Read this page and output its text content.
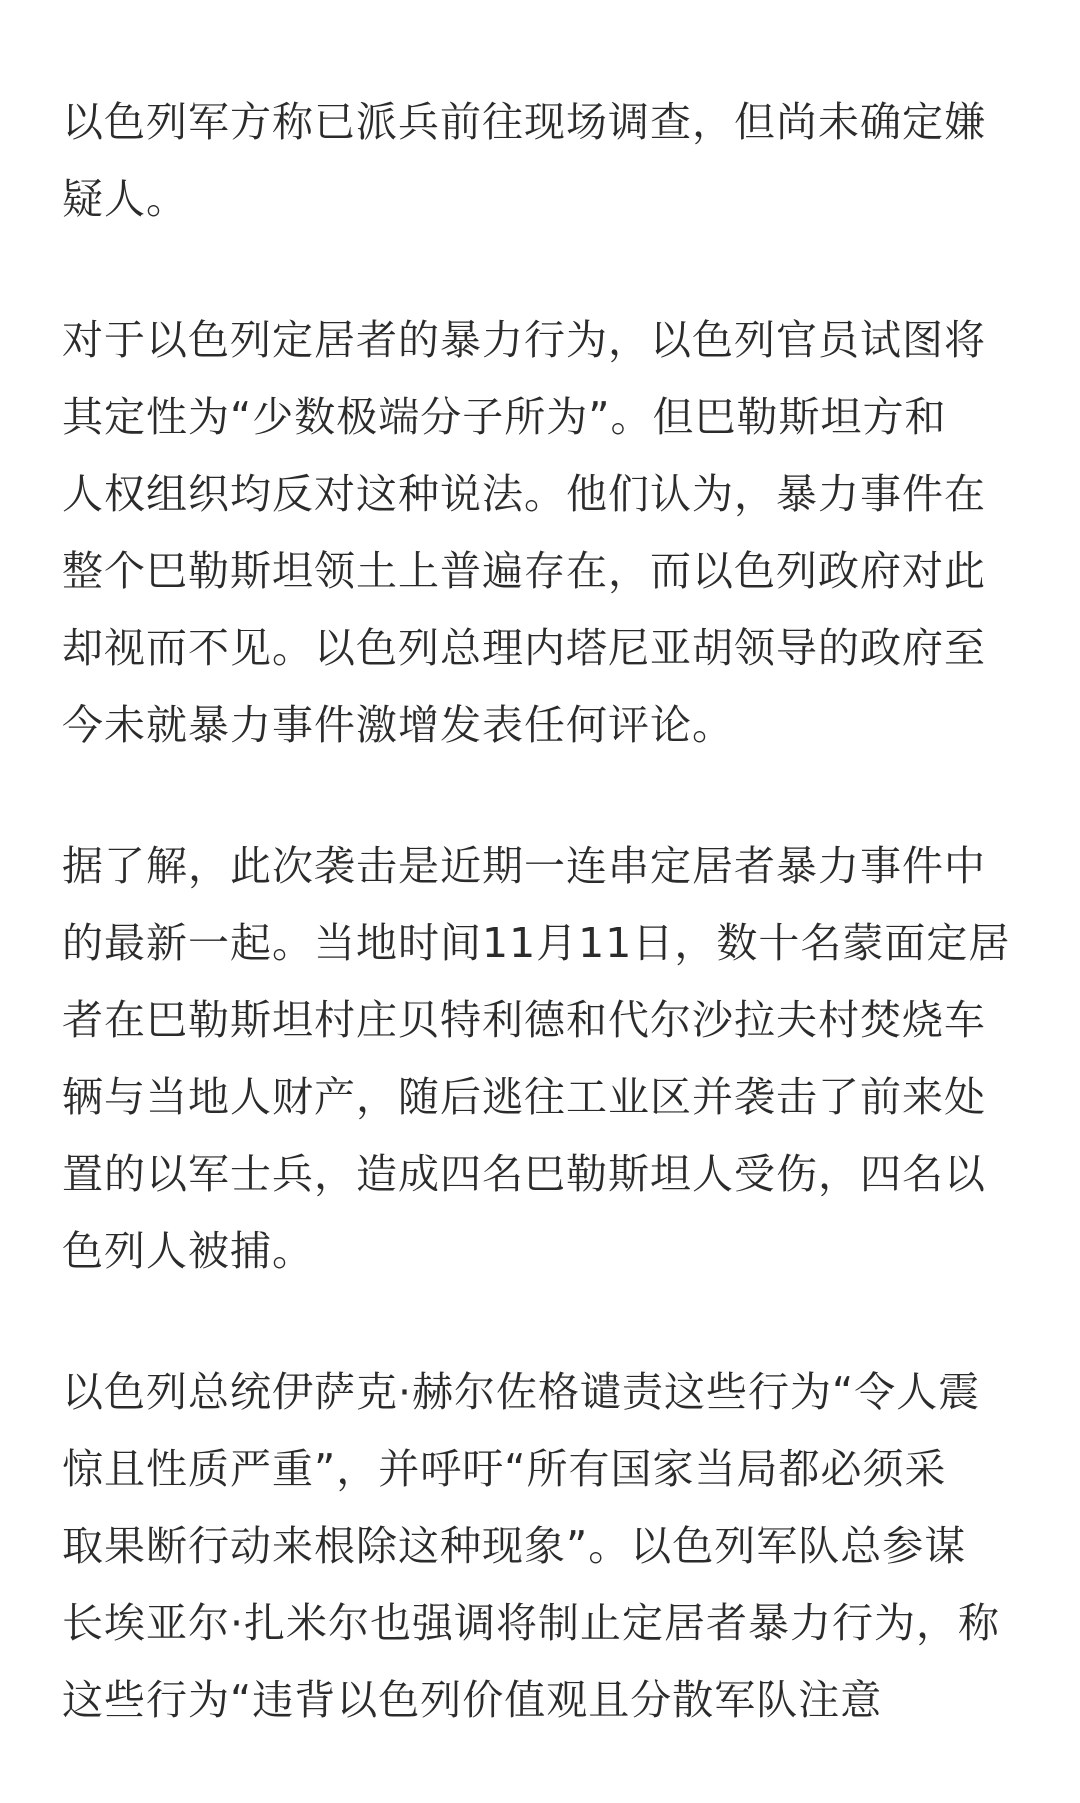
以色列军方称已派兵前往现场调查，但尚未确定嫌
疑人。
对于以色列定居者的暴力行为，以色列官员试图将
其定性为“少数极端分子所为”。但巴勒斯坦方和
人权组织均反对这种说法。他们认为，暴力事件在
整个巴勒斯坦领土上普遍存在，而以色列政府对此
却视而不见。以色列总理内塔尼亚胡领导的政府至
今未就暴力事件激增发表任何评论。
据了解，此次袭击是近期一连串定居者暴力事件中
的最新一起。当地时间11月11日，数十名蒙面定居
者在巴勒斯坦村庄贝特利德和代尔沙拉夫村焚烧车
辆与当地人财产，随后逃往工业区并袭击了前来处
置的以军士兵，造成四名巴勒斯坦人受伤，四名以
色列人被捕。
以色列总统伊萨克·赫尔佐格谴责这些行为“令人震
惊且性质严重”，并呼吁“所有国家当局都必须采
取果断行动来根除这种现象”。以色列军队总参谋
长埃亚尔·扎米尔也强调将制止定居者暴力行为，称
这些行为“违背以色列价值观且分散军队注意
